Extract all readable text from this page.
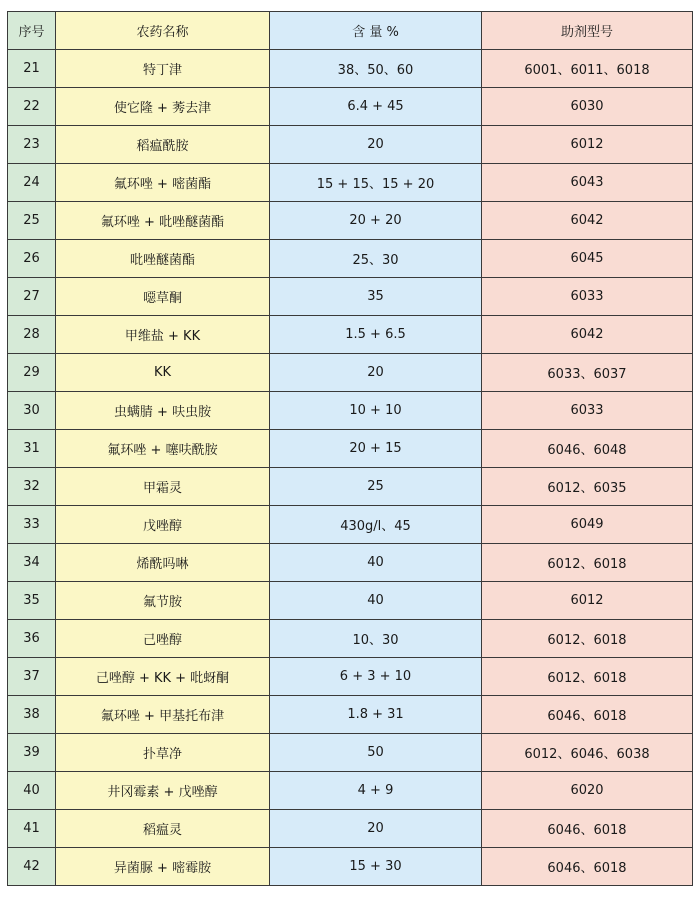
序号	农药名称	含 量 %	助剂型号
21	特丁津	38、50、60	6001、6011、6018
22	使它隆 + 莠去津	6.4 + 45	6030
23	稻瘟酰胺	20	6012
24	氟环唑 + 嘧菌酯	15 + 15、15 + 20	6043
25	氟环唑 + 吡唑醚菌酯	20 + 20	6042
26	吡唑醚菌酯	25、30	6045
27	噁草酮	35	6033
28	甲维盐 + KK	1.5 + 6.5	6042
29	KK	20	6033、6037
30	虫螨腈 + 呋虫胺	10 + 10	6033
31	氟环唑 + 噻呋酰胺	20 + 15	6046、6048
32	甲霜灵	25	6012、6035
33	戊唑醇	430g/l、45	6049
34	烯酰吗啉	40	6012、6018
35	氟节胺	40	6012
36	己唑醇	10、30	6012、6018
37	己唑醇 + KK + 吡蚜酮	6 + 3 + 10	6012、6018
38	氟环唑 + 甲基托布津	1.8 + 31	6046、6018
39	扑草净	50	6012、6046、6038
40	井冈霉素 + 戊唑醇	4 + 9	6020
41	稻瘟灵	20	6046、6018
42	异菌脲 + 嘧霉胺	15 + 30	6046、6018
